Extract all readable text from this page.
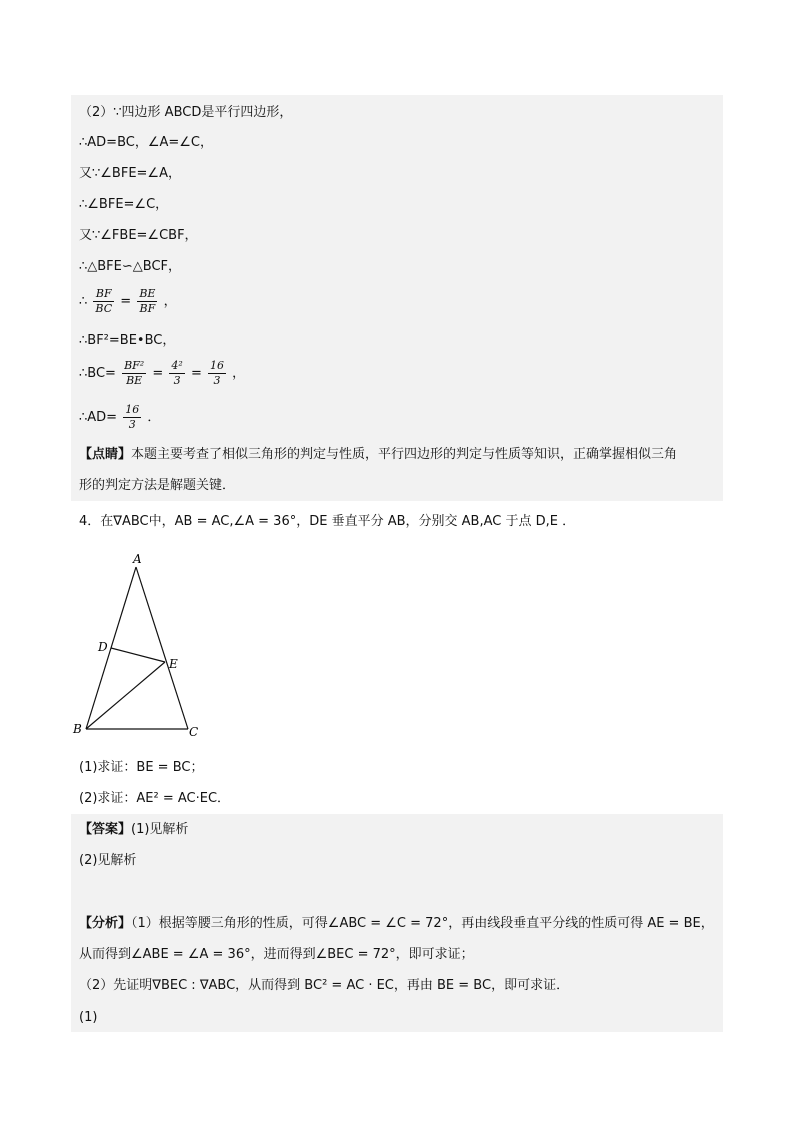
（2）∵四边形 ABCD是平行四边形，
∴AD=BC，∠A=∠C，
又∵∠BFE=∠A，
∴∠BFE=∠C，
又∵∠FBE=∠CBF，
∴△BFE∽△BCF，
∴ $\frac{BF}{BC} = \frac{BE}{BF}$ ，
∴BF²=BE•BC，
∴BC= $\frac{\text{BF²}}{BE} = \frac{\text{4²}}{3} = \frac{16}{3}$ ，
∴AD= $\frac{16}{3}$ ．
【点睛】本题主要考查了相似三角形的判定与性质，平行四边形的判定与性质等知识，正确掌握相似三角
形的判定方法是解题关键．
4．在∇ABC中，AB = AC,∠A = 36°，DE 垂直平分 AB，分别交 AB,AC 于点 D,E ．
A
D
E
B	C
(1)求证：BE = BC；
(2)求证：AE² = AC·EC．
【答案】(1)见解析
(2)见解析
【分析】（1）根据等腰三角形的性质，可得∠ABC = ∠C = 72°，再由线段垂直平分线的性质可得 AE = BE，
从而得到∠ABE = ∠A = 36°，进而得到∠BEC = 72°，即可求证；
（2）先证明∇BEC : ∇ABC，从而得到 BC² = AC · EC，再由 BE = BC，即可求证．
(1)
